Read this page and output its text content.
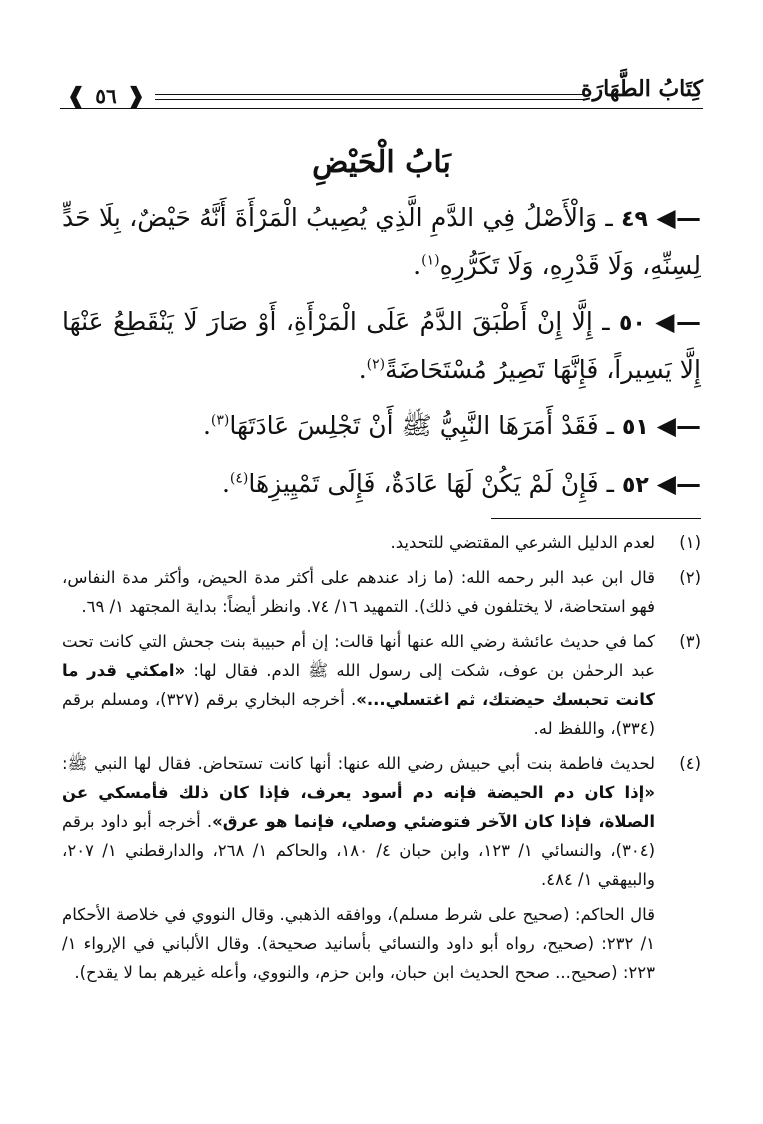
كِتَابُ الطَّهَارَةِ
❰ ٥٦ ❱
بَابُ الْحَيْضِ
—◀ ٤٩ ـ وَالْأَصْلُ فِي الدَّمِ الَّذِي يُصِيبُ الْمَرْأَةَ أَنَّهُ حَيْضٌ، بِلَا حَدٍّ لِسِنِّهِ، وَلَا قَدْرِهِ، وَلَا تَكَرُّرِهِ$^{(١)}$.
—◀ ٥٠ ـ إِلَّا إِنْ أَطْبَقَ الدَّمُ عَلَى الْمَرْأَةِ، أَوْ صَارَ لَا يَنْقَطِعُ عَنْهَا إِلَّا يَسِيراً، فَإِنَّهَا تَصِيرُ مُسْتَحَاضَةً$^{(٢)}$.
—◀ ٥١ ـ فَقَدْ أَمَرَهَا النَّبِيُّ ﷺ أَنْ تَجْلِسَ عَادَتَهَا$^{(٣)}$.
—◀ ٥٢ ـ فَإِنْ لَمْ يَكُنْ لَهَا عَادَةٌ، فَإِلَى تَمْيِيزِهَا$^{(٤)}$.
(١)
لعدم الدليل الشرعي المقتضي للتحديد.
(٢)
قال ابن عبد البر رحمه الله: (ما زاد عندهم على أكثر مدة الحيض، وأكثر مدة النفاس، فهو استحاضة، لا يختلفون في ذلك). التمهيد ١٦/ ٧٤. وانظر أيضاً: بداية المجتهد ١/ ٦٩.
(٣)
كما في حديث عائشة رضي الله عنها أنها قالت: إن أم حبيبة بنت جحش التي كانت تحت عبد الرحمٰن بن عوف، شكت إلى رسول الله ﷺ الدم. فقال لها: «امكثي قدر ما كانت تحبسك حيضتك، ثم اغتسلي...». أخرجه البخاري برقم (٣٢٧)، ومسلم برقم (٣٣٤)، واللفظ له.
(٤)
لحديث فاطمة بنت أبي حبيش رضي الله عنها: أنها كانت تستحاض. فقال لها النبي ﷺ: «إذا كان دم الحيضة فإنه دم أسود يعرف، فإذا كان ذلك فأمسكي عن الصلاة، فإذا كان الآخر فتوضئي وصلي، فإنما هو عرق». أخرجه أبو داود برقم (٣٠٤)، والنسائي ١/ ١٢٣، وابن حبان ٤/ ١٨٠، والحاكم ١/ ٢٦٨، والدارقطني ١/ ٢٠٧، والبيهقي ١/ ٤٨٤.
قال الحاكم: (صحيح على شرط مسلم)، ووافقه الذهبي. وقال النووي في خلاصة الأحكام ١/ ٢٣٢: (صحيح، رواه أبو داود والنسائي بأسانيد صحيحة). وقال الألباني في الإرواء ١/ ٢٢٣: (صحيح... صحح الحديث ابن حبان، وابن حزم، والنووي، وأعله غيرهم بما لا يقدح).
